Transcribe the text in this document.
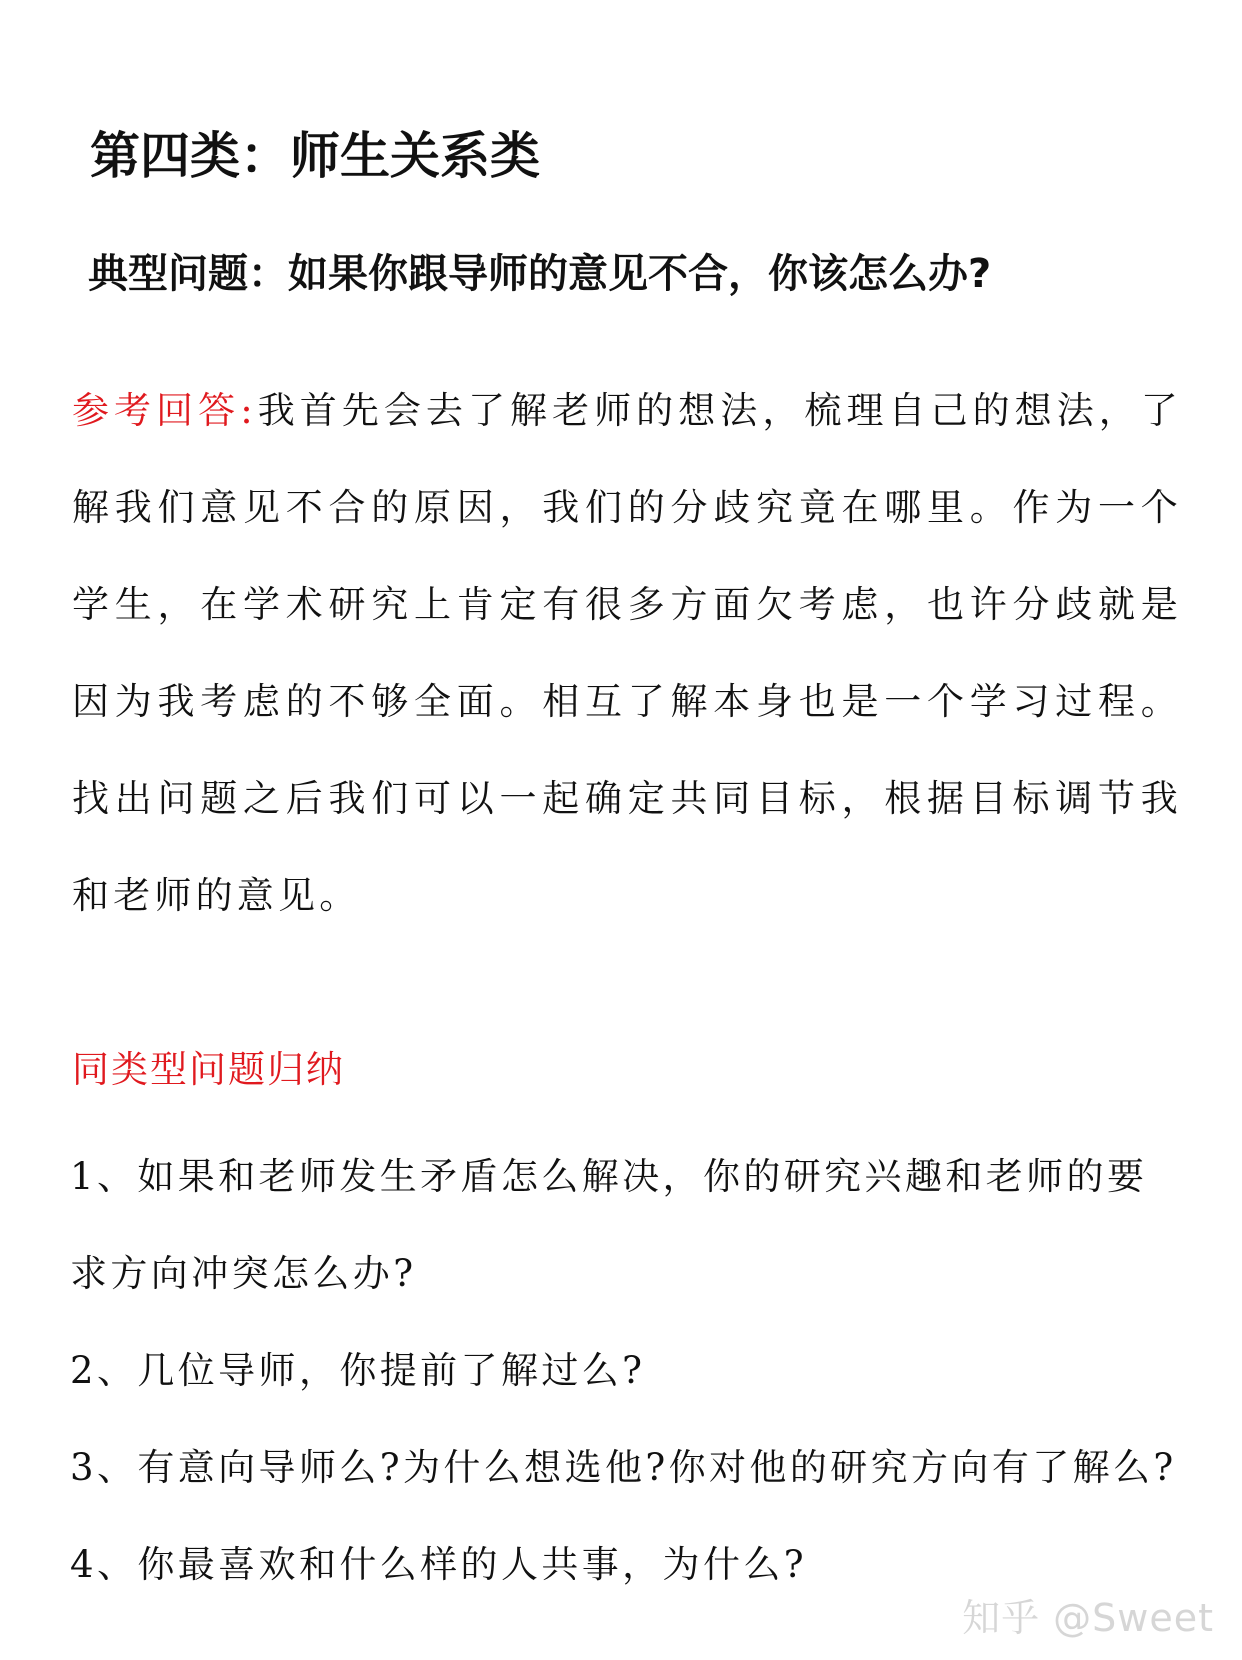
第四类：师生关系类
典型问题：如果你跟导师的意见不合，你该怎么办?
参考回答:我首先会去了解老师的想法，梳理自己的想法，了解我们意见不合的原因，我们的分歧究竟在哪里。作为一个学生，在学术研究上肯定有很多方面欠考虑，也许分歧就是因为我考虑的不够全面。相互了解本身也是一个学习过程。找出问题之后我们可以一起确定共同目标，根据目标调节我和老师的意见。
同类型问题归纳
1、如果和老师发生矛盾怎么解决，你的研究兴趣和老师的要求方向冲突怎么办?
2、几位导师，你提前了解过么?
3、有意向导师么?为什么想选他?你对他的研究方向有了解么?
4、你最喜欢和什么样的人共事，为什么?
知乎 @Sweet
